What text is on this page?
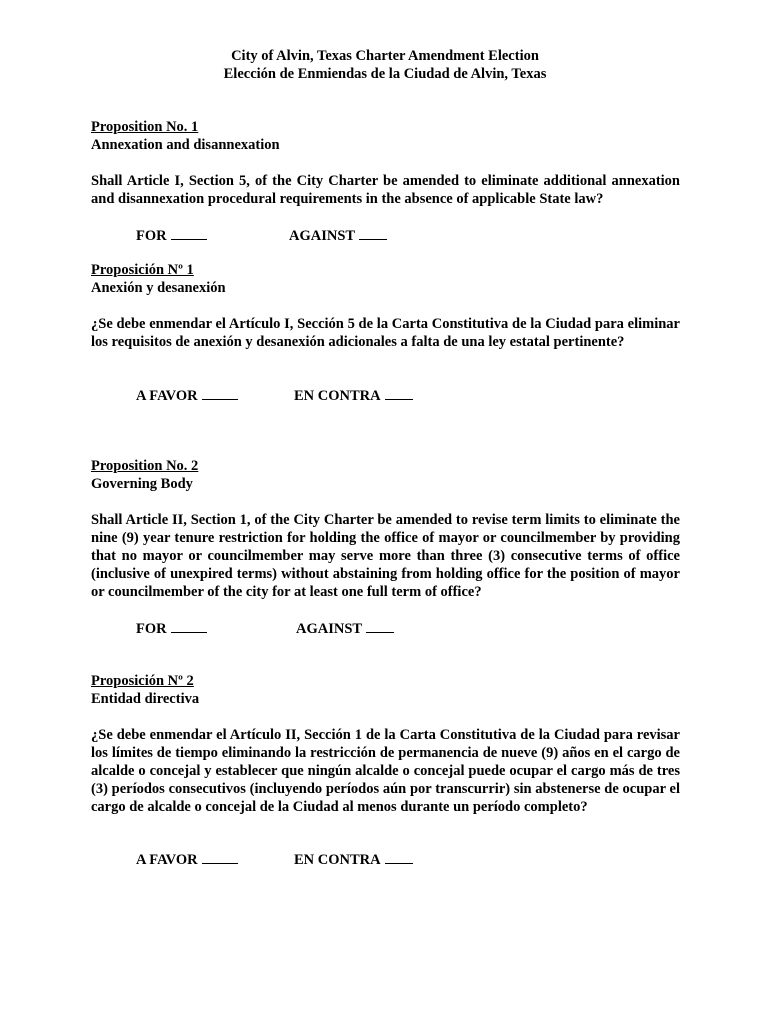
City of Alvin, Texas Charter Amendment Election
Elección de Enmiendas de la Ciudad de Alvin, Texas
Proposition No. 1
Annexation and disannexation

Shall Article I, Section 5, of the City Charter be amended to eliminate additional annexation and disannexation procedural requirements in the absence of applicable State law?

FOR	AGAINST
Proposición Nº 1
Anexión y desanexión

¿Se debe enmendar el Artículo I, Sección 5 de la Carta Constitutiva de la Ciudad para eliminar los requisitos de anexión y desanexión adicionales a falta de una ley estatal pertinente?

A FAVOR	EN CONTRA
Proposition No. 2
Governing Body

Shall Article II, Section 1, of the City Charter be amended to revise term limits to eliminate the nine (9) year tenure restriction for holding the office of mayor or councilmember by providing that no mayor or councilmember may serve more than three (3) consecutive terms of office (inclusive of unexpired terms) without abstaining from holding office for the position of mayor or councilmember of the city for at least one full term of office?

FOR	AGAINST
Proposición Nº 2
Entidad directiva

¿Se debe enmendar el Artículo II, Sección 1 de la Carta Constitutiva de la Ciudad para revisar los límites de tiempo eliminando la restricción de permanencia de nueve (9) años en el cargo de alcalde o concejal y establecer que ningún alcalde o concejal puede ocupar el cargo más de tres (3) períodos consecutivos (incluyendo períodos aún por transcurrir) sin abstenerse de ocupar el cargo de alcalde o concejal de la Ciudad al menos durante un período completo?

A FAVOR	EN CONTRA
